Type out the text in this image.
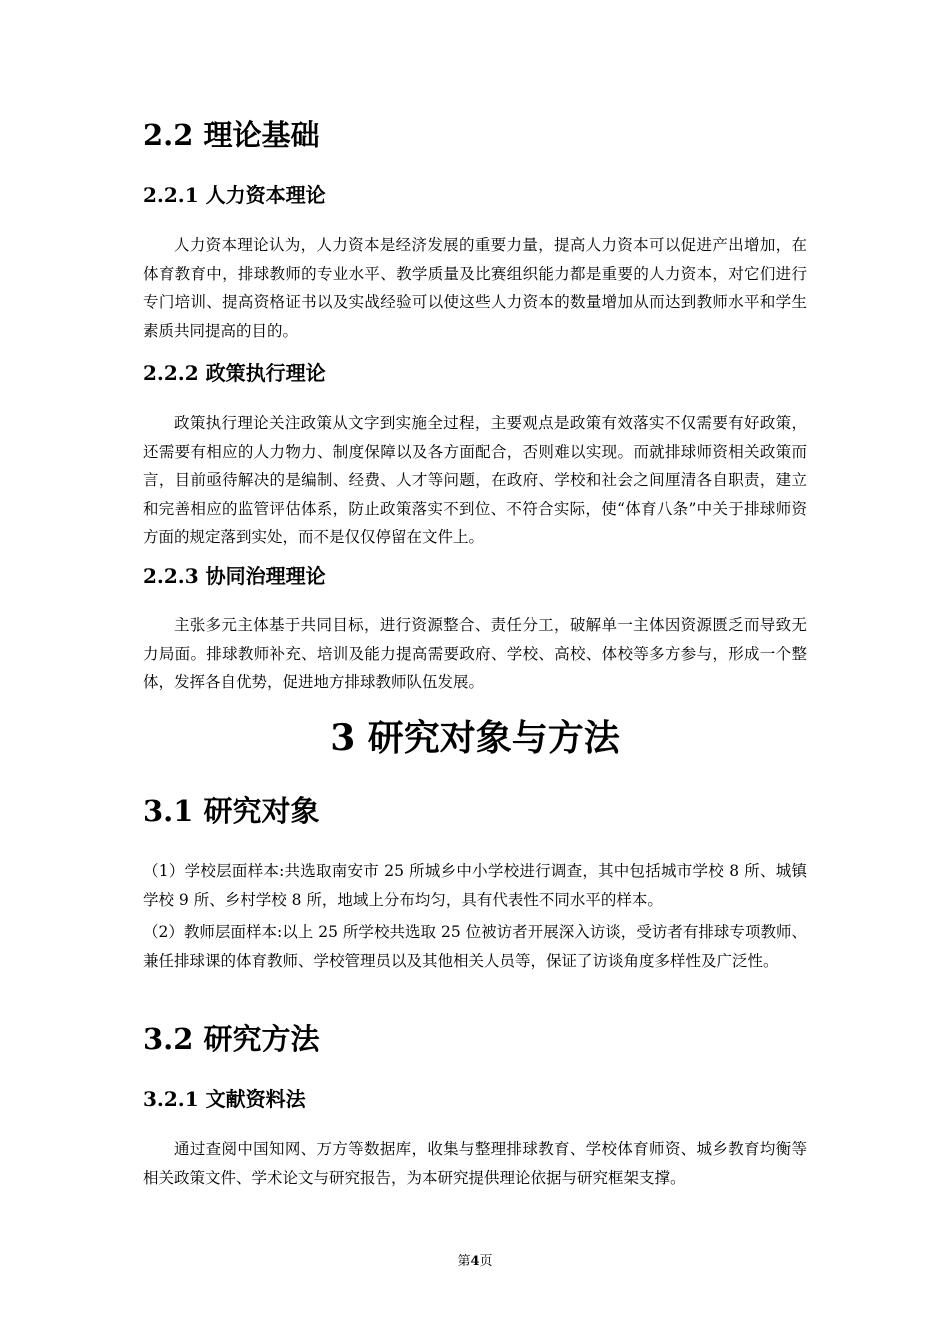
2.2 理论基础
2.2.1 人力资本理论

人力资本理论认为，人力资本是经济发展的重要力量，提高人力资本可以促进产出增加，在体育教育中，排球教师的专业水平、教学质量及比赛组织能力都是重要的人力资本，对它们进行专门培训、提高资格证书以及实战经验可以使这些人力资本的数量增加从而达到教师水平和学生素质共同提高的目的。

2.2.2 政策执行理论

政策执行理论关注政策从文字到实施全过程，主要观点是政策有效落实不仅需要有好政策，还需要有相应的人力物力、制度保障以及各方面配合，否则难以实现。而就排球师资相关政策而言，目前亟待解决的是编制、经费、人才等问题，在政府、学校和社会之间厘清各自职责，建立和完善相应的监管评估体系，防止政策落实不到位、不符合实际，使“体育八条”中关于排球师资方面的规定落到实处，而不是仅仅停留在文件上。

2.2.3 协同治理理论

主张多元主体基于共同目标，进行资源整合、责任分工，破解单一主体因资源匮乏而导致无力局面。排球教师补充、培训及能力提高需要政府、学校、高校、体校等多方参与，形成一个整体，发挥各自优势，促进地方排球教师队伍发展。

3 研究对象与方法
3.1 研究对象

（1）学校层面样本:共选取南安市 25 所城乡中小学校进行调查，其中包括城市学校 8 所、城镇学校 9 所、乡村学校 8 所，地域上分布均匀，具有代表性不同水平的样本。

（2）教师层面样本:以上 25 所学校共选取 25 位被访者开展深入访谈，受访者有排球专项教师、兼任排球课的体育教师、学校管理员以及其他相关人员等，保证了访谈角度多样性及广泛性。

3.2 研究方法
3.2.1 文献资料法

通过查阅中国知网、万方等数据库，收集与整理排球教育、学校体育师资、城乡教育均衡等相关政策文件、学术论文与研究报告，为本研究提供理论依据与研究框架支撑。

第4页
